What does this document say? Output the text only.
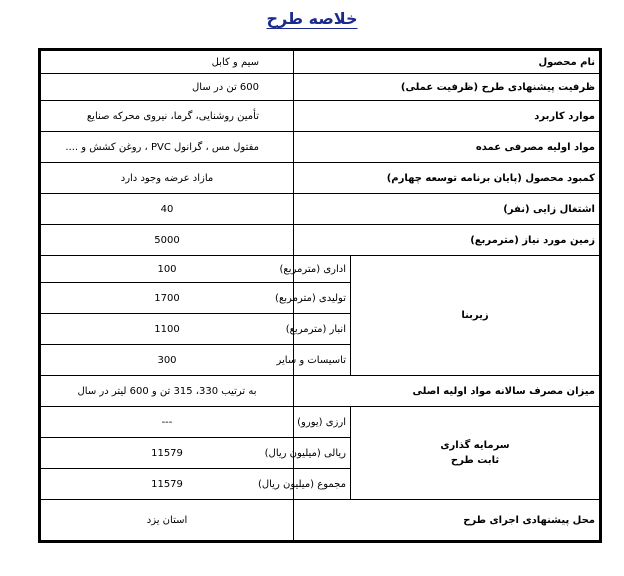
خلاصه طرح
نام محصول		سیم و کابل
ظرفیت پیشنهادی طرح (ظرفیت عملی)		600 تن در سال
موارد کاربرد		تأمین روشنایی، گرما، نیروی محرکه صنایع
مواد اولیه مصرفی عمده		مفتول مس ، گرانول PVC ، روغن کشش و ....
کمبود محصول (پایان برنامه توسعه چهارم)		مازاد عرضه وجود دارد
اشتغال زایی (نفر)		40
زمین مورد نیاز (مترمربع)		5000
زیربنا	اداری (مترمربع)	100
	تولیدی (مترمربع)	1700
	انبار (مترمربع)	1100
	تاسیسات و سایر	300
میزان مصرف سالانه مواد اولیه اصلی		به ترتیب 330، 315 تن و 600 لیتر در سال
سرمایه گذاری
ثابت طرح	ارزی (یورو)	---
	ریالی (میلیون ریال)	11579
	مجموع (میلیون ریال)	11579
محل پیشنهادی اجرای طرح		استان یزد
